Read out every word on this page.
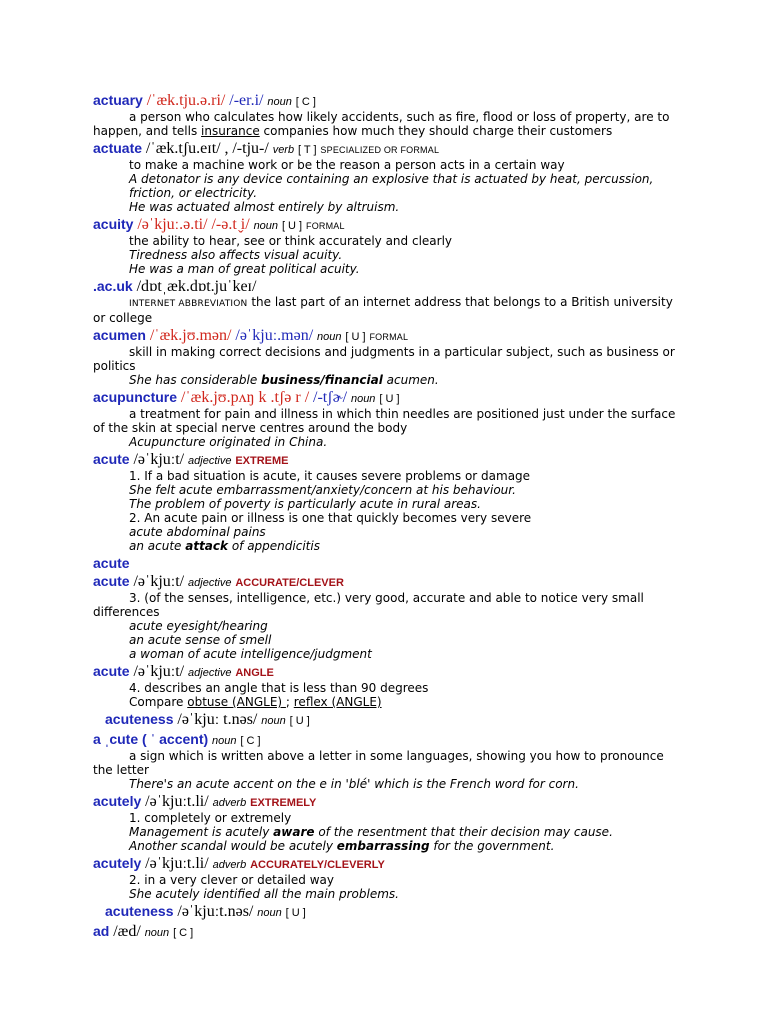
actuary /ˈæk.tju.ə.ri/ /-er.i/ noun [ C ]
a person who calculates how likely accidents, such as fire, flood or loss of property, are to happen, and tells insurance companies how much they should charge their customers
actuate /ˈæk.tʃu.eɪt/ , /-tju-/ verb [ T ] SPECIALIZED OR FORMAL
to make a machine work or be the reason a person acts in a certain way
A detonator is any device containing an explosive that is actuated by heat, percussion, friction, or electricity.
He was actuated almost entirely by altruism.
acuity /əˈkjuː.ə.ti/ /-ə.t ̬i/ noun [ U ] FORMAL
the ability to hear, see or think accurately and clearly
Tiredness also affects visual acuity.
He was a man of great political acuity.
.ac.uk /dɒtˌæk.dɒt.juˈkeɪ/
INTERNET ABBREVIATION the last part of an internet address that belongs to a British university or college
acumen /ˈæk.jʊ.mən/ /əˈkjuː.mən/ noun [ U ] FORMAL
skill in making correct decisions and judgments in a particular subject, such as business or politics
She has considerable business/financial acumen.
acupuncture /ˈæk.jʊ.pʌŋ k .tʃə r / /-tʃɚ/ noun [ U ]
a treatment for pain and illness in which thin needles are positioned just under the surface of the skin at special nerve centres around the body
Acupuncture originated in China.
acute /əˈkjuːt/ adjective EXTREME
1. If a bad situation is acute, it causes severe problems or damage
She felt acute embarrassment/anxiety/concern at his behaviour.
The problem of poverty is particularly acute in rural areas.
2. An acute pain or illness is one that quickly becomes very severe
acute abdominal pains
an acute attack of appendicitis
acute
acute /əˈkjuːt/ adjective ACCURATE/CLEVER
3. (of the senses, intelligence, etc.) very good, accurate and able to notice very small differences
acute eyesight/hearing
an acute sense of smell
a woman of acute intelligence/judgment
acute /əˈkjuːt/ adjective ANGLE
4. describes an angle that is less than 90 degrees
Compare obtuse (ANGLE) ; reflex (ANGLE)
acuteness /əˈkjuː t.nəs/ noun [ U ]
a ˌcute ( ˈ accent) noun [ C ]
a sign which is written above a letter in some languages, showing you how to pronounce the letter
There's an acute accent on the e in 'blé' which is the French word for corn.
acutely /əˈkjuːt.li/ adverb EXTREMELY
1. completely or extremely
Management is acutely aware of the resentment that their decision may cause.
Another scandal would be acutely embarrassing for the government.
acutely /əˈkjuːt.li/ adverb ACCURATELY/CLEVERLY
2. in a very clever or detailed way
She acutely identified all the main problems.
acuteness /əˈkjuːt.nəs/ noun [ U ]
ad /æd/ noun [ C ]
